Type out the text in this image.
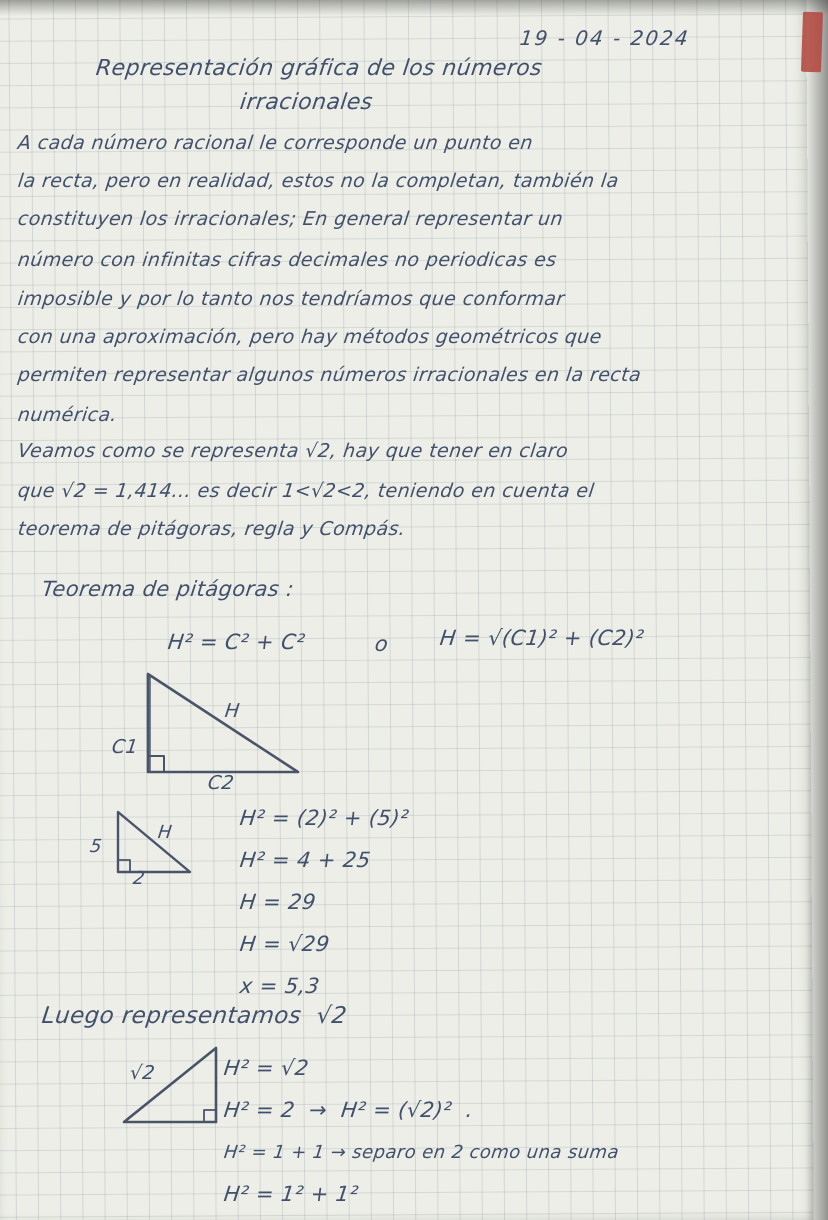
19 - 04 - 2024
Representación gráfica de los números
irracionales
A cada número racional le corresponde un punto en
la recta, pero en realidad, estos no la completan, también la
constituyen los irracionales; En general representar un
número con infinitas cifras decimales no periodicas es
imposible y por lo tanto nos tendríamos que conformar
con una aproximación, pero hay métodos geométricos que
permiten representar algunos números irracionales en la recta
numérica.
Veamos como se representa √2, hay que tener en claro
que √2 = 1,414... es decir 1<√2<2, teniendo en cuenta el
teorema de pitágoras, regla y Compás.
Teorema de pitágoras :
H² = C² + C²	o H = √(C1)² + (C2)²
H
C1
C2
5
H
2
H² = (2)² + (5)²
H² = 4 + 25
H = 29
H = √29
x = 5,3
Luego representamos  √2
√2	H² = √2
H² = 2  →  H² = (√2)²  .
H² = 1 + 1 → separo en 2 como una suma
H² = 1² + 1²
